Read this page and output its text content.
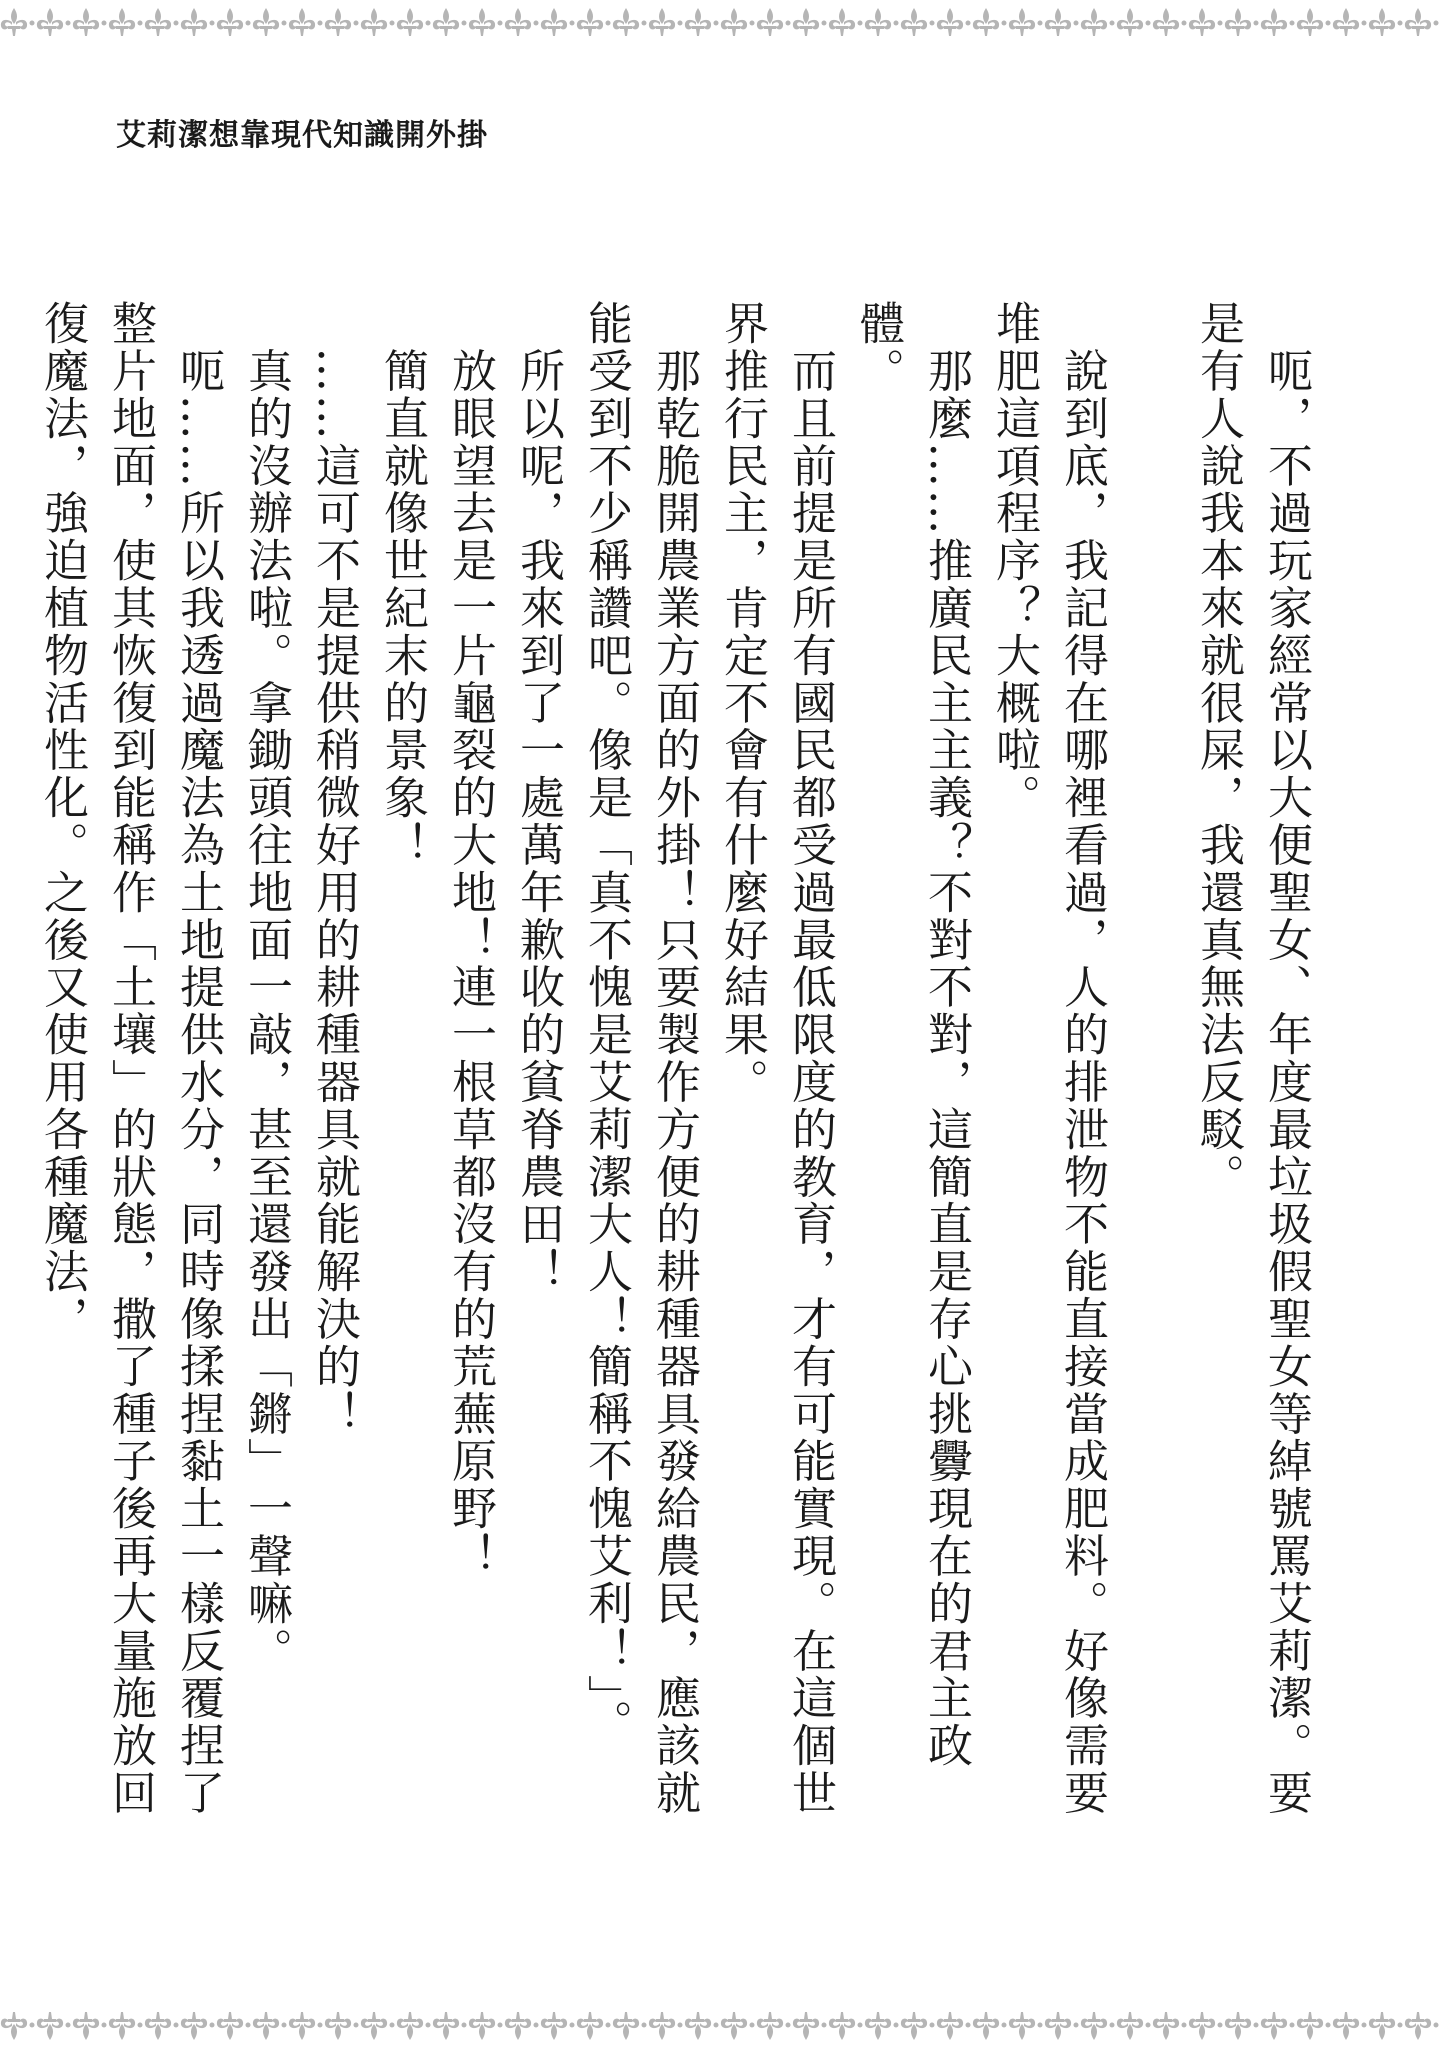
艾莉潔想靠現代知識開外掛

　呃，不過玩家經常以大便聖女、年度最垃圾假聖女等綽號罵艾莉潔。要是有人說我本來就很屎，我還真無法反駁。

　說到底，我記得在哪裡看過，人的排泄物不能直接當成肥料。好像需要堆肥這項程序？大概啦。

　那麼……推廣民主主義？不對不對，這簡直是存心挑釁現在的君主政體。

　而且前提是所有國民都受過最低限度的教育，才有可能實現。在這個世界推行民主，肯定不會有什麼好結果。

　那乾脆開農業方面的外掛！只要製作方便的耕種器具發給農民，應該就能受到不少稱讚吧。像是「真不愧是艾莉潔大人！簡稱不愧艾利！」。

　所以呢，我來到了一處萬年歉收的貧脊農田！

　放眼望去是一片龜裂的大地！連一根草都沒有的荒蕪原野！

　簡直就像世紀末的景象！

　……這可不是提供稍微好用的耕種器具就能解決的！

　真的沒辦法啦。拿鋤頭往地面一敲，甚至還發出「鏘」一聲嘛。

　呃……所以我透過魔法為土地提供水分，同時像揉捏黏土一樣反覆捏了整片地面，使其恢復到能稱作「土壤」的狀態，撒了種子後再大量施放回復魔法，強迫植物活性化。之後又使用各種魔法，
